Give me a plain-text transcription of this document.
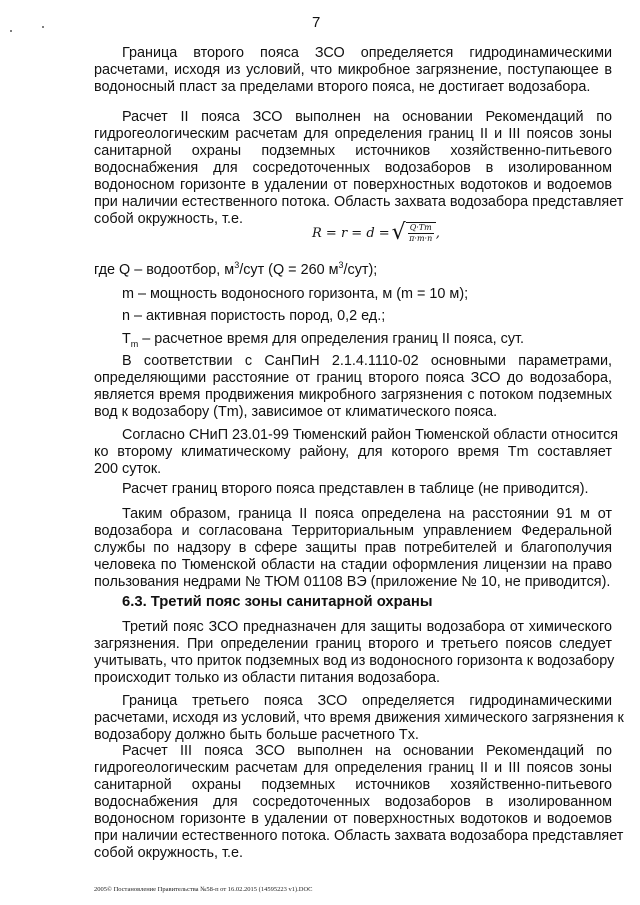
7
Граница второго пояса ЗСО определяется гидродинамическими
расчетами, исходя из условий, что микробное загрязнение, поступающее в
водоносный пласт за пределами второго пояса, не достигает водозабора.
Расчет II пояса ЗСО выполнен на основании Рекомендаций по
гидрогеологическим расчетам для определения границ II и III поясов зоны
санитарной охраны подземных источников хозяйственно-питьевого
водоснабжения для сосредоточенных водозаборов в изолированном
водоносном горизонте в удалении от поверхностных водотоков и водоемов
при наличии естественного потока. Область захвата водозабора представляет
собой окружность, т.е.
R = r = d = √ $\frac{Q\cdot Tm}{\pi\cdot m\cdot n}$ ,
где Q – водоотбор, $м^3$/сут (Q = 260 $м^3/сут$);
m – мощность водоносного горизонта, м (m = 10 м);
n – активная пористость пород, 0,2 ед.;
$T_m$ – расчетное время для определения границ II пояса, сут.
В соответствии с СанПиН 2.1.4.1110-02 основными параметрами,
определяющими расстояние от границ второго пояса ЗСО до водозабора,
является время продвижения микробного загрязнения с потоком подземных
вод к водозабору (Tm), зависимое от климатического пояса.
Согласно СНиП 23.01-99 Тюменский район Тюменской области относится
ко второму климатическому району, для которого время Tm составляет
200 суток.
Расчет границ второго пояса представлен в таблице (не приводится).
Таким образом, граница II пояса определена на расстоянии 91 м от
водозабора и согласована Территориальным управлением Федеральной
службы по надзору в сфере защиты прав потребителей и благополучия
человека по Тюменской области на стадии оформления лицензии на право
пользования недрами № ТЮМ 01108 ВЭ (приложение № 10, не приводится).
6.3. Третий пояс зоны санитарной охраны
Третий пояс ЗСО предназначен для защиты водозабора от химического
загрязнения. При определении границ второго и третьего поясов следует
учитывать, что приток подземных вод из водоносного горизонта к водозабору
происходит только из области питания водозабора.
Граница третьего пояса ЗСО определяется гидродинамическими
расчетами, исходя из условий, что время движения химического загрязнения к
водозабору должно быть больше расчетного Tx.
Расчет III пояса ЗСО выполнен на основании Рекомендаций по
гидрогеологическим расчетам для определения границ II и III поясов зоны
санитарной охраны подземных источников хозяйственно-питьевого
водоснабжения для сосредоточенных водозаборов в изолированном
водоносном горизонте в удалении от поверхностных водотоков и водоемов
при наличии естественного потока. Область захвата водозабора представляет
собой окружность, т.е.
2005© Постановление Правительства №58-п от 16.02.2015 (14595223 v1).DOC
